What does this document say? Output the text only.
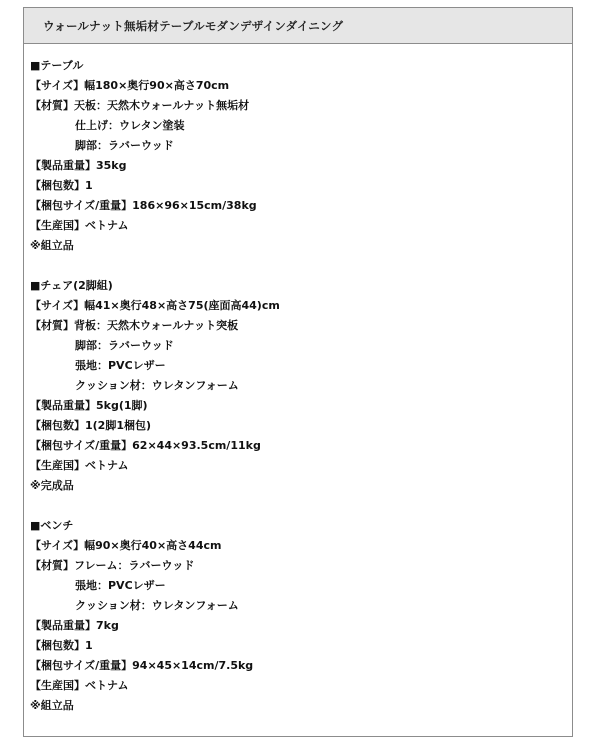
ウォールナット無垢材テーブルモダンデザインダイニング
■テーブル
【サイズ】幅180×奥行90×高さ70cm
【材質】天板：天然木ウォールナット無垢材
仕上げ：ウレタン塗装
脚部：ラバーウッド
【製品重量】35kg
【梱包数】1
【梱包サイズ/重量】186×96×15cm/38kg
【生産国】ベトナム
※組立品
■チェア(2脚組)
【サイズ】幅41×奥行48×高さ75(座面高44)cm
【材質】背板：天然木ウォールナット突板
脚部：ラバーウッド
張地：PVCレザー
クッション材：ウレタンフォーム
【製品重量】5kg(1脚)
【梱包数】1(2脚1梱包)
【梱包サイズ/重量】62×44×93.5cm/11kg
【生産国】ベトナム
※完成品
■ベンチ
【サイズ】幅90×奥行40×高さ44cm
【材質】フレーム：ラバーウッド
張地：PVCレザー
クッション材：ウレタンフォーム
【製品重量】7kg
【梱包数】1
【梱包サイズ/重量】94×45×14cm/7.5kg
【生産国】ベトナム
※組立品
